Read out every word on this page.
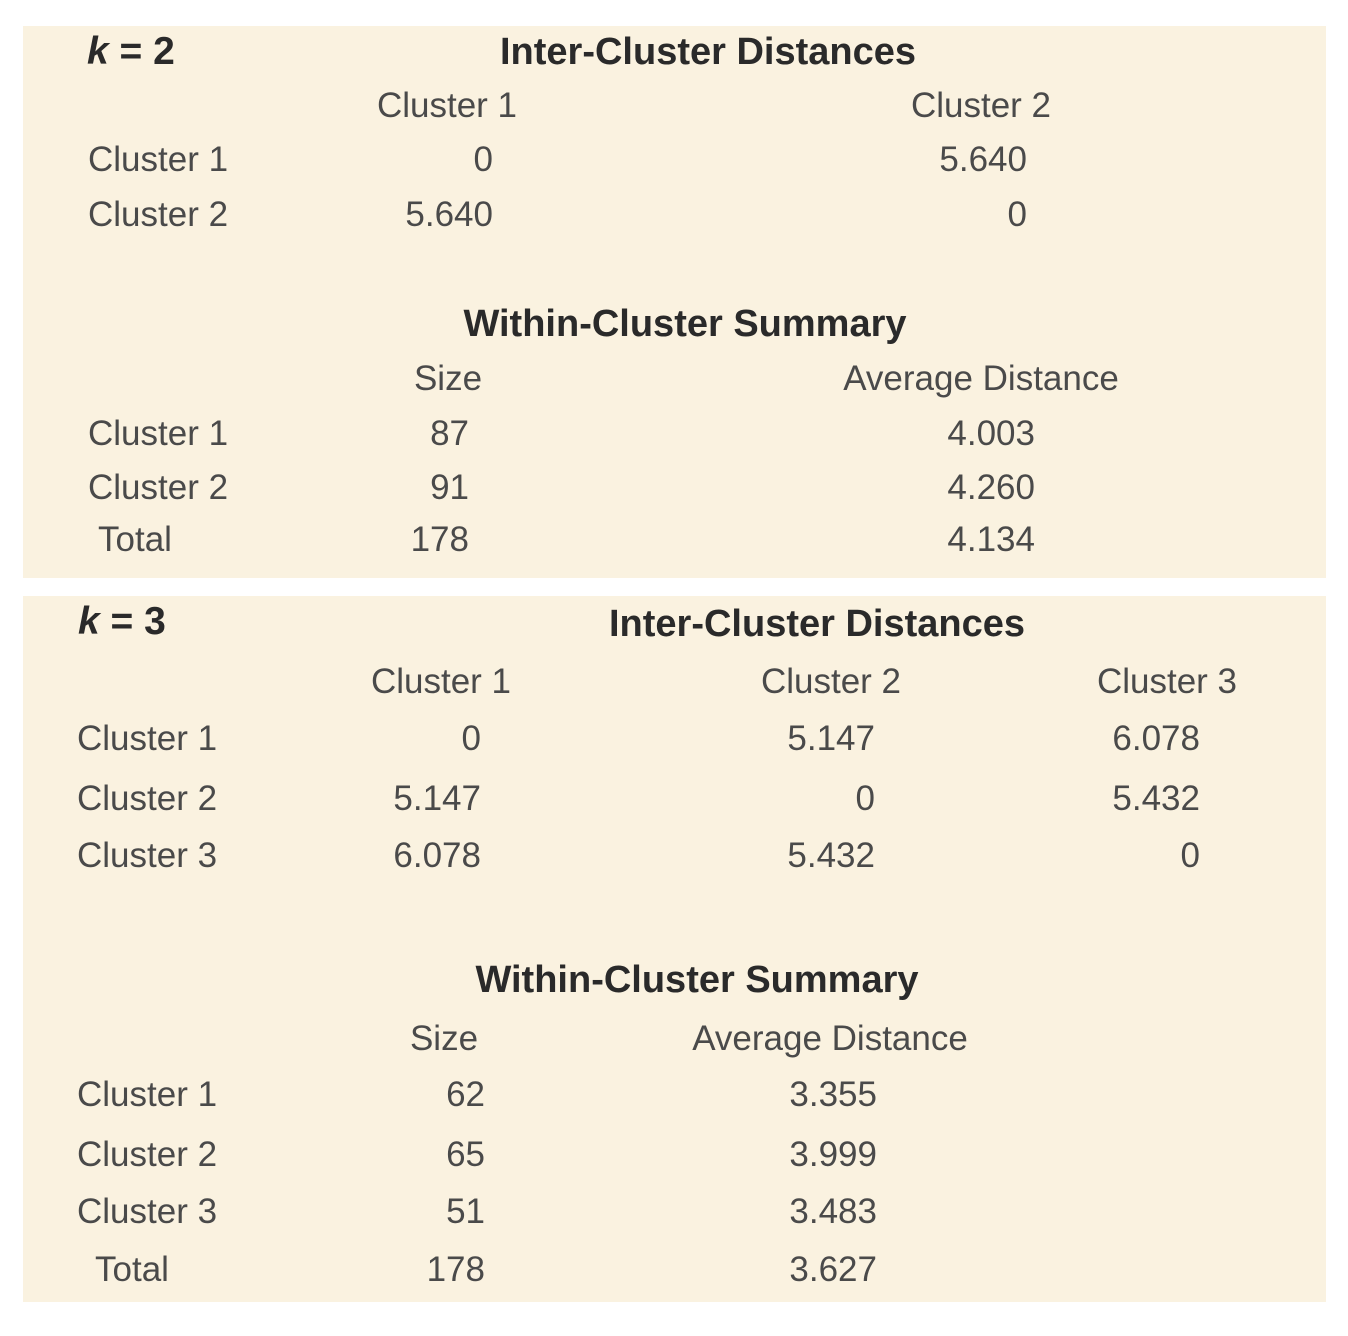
k = 2	Inter-Cluster Distances
Cluster 1	Cluster 2
Cluster 1	0	5.640
Cluster 2	5.640	0
Within-Cluster Summary
Size	Average Distance
Cluster 1	87	4.003
Cluster 2	91	4.260
Total	178	4.134
k = 3	Inter-Cluster Distances
Cluster 1	Cluster 2	Cluster 3
Cluster 1	0	5.147	6.078
Cluster 2	5.147	0	5.432
Cluster 3	6.078	5.432	0
Within-Cluster Summary
Size	Average Distance
Cluster 1	62	3.355
Cluster 2	65	3.999
Cluster 3	51	3.483
Total	178	3.627
